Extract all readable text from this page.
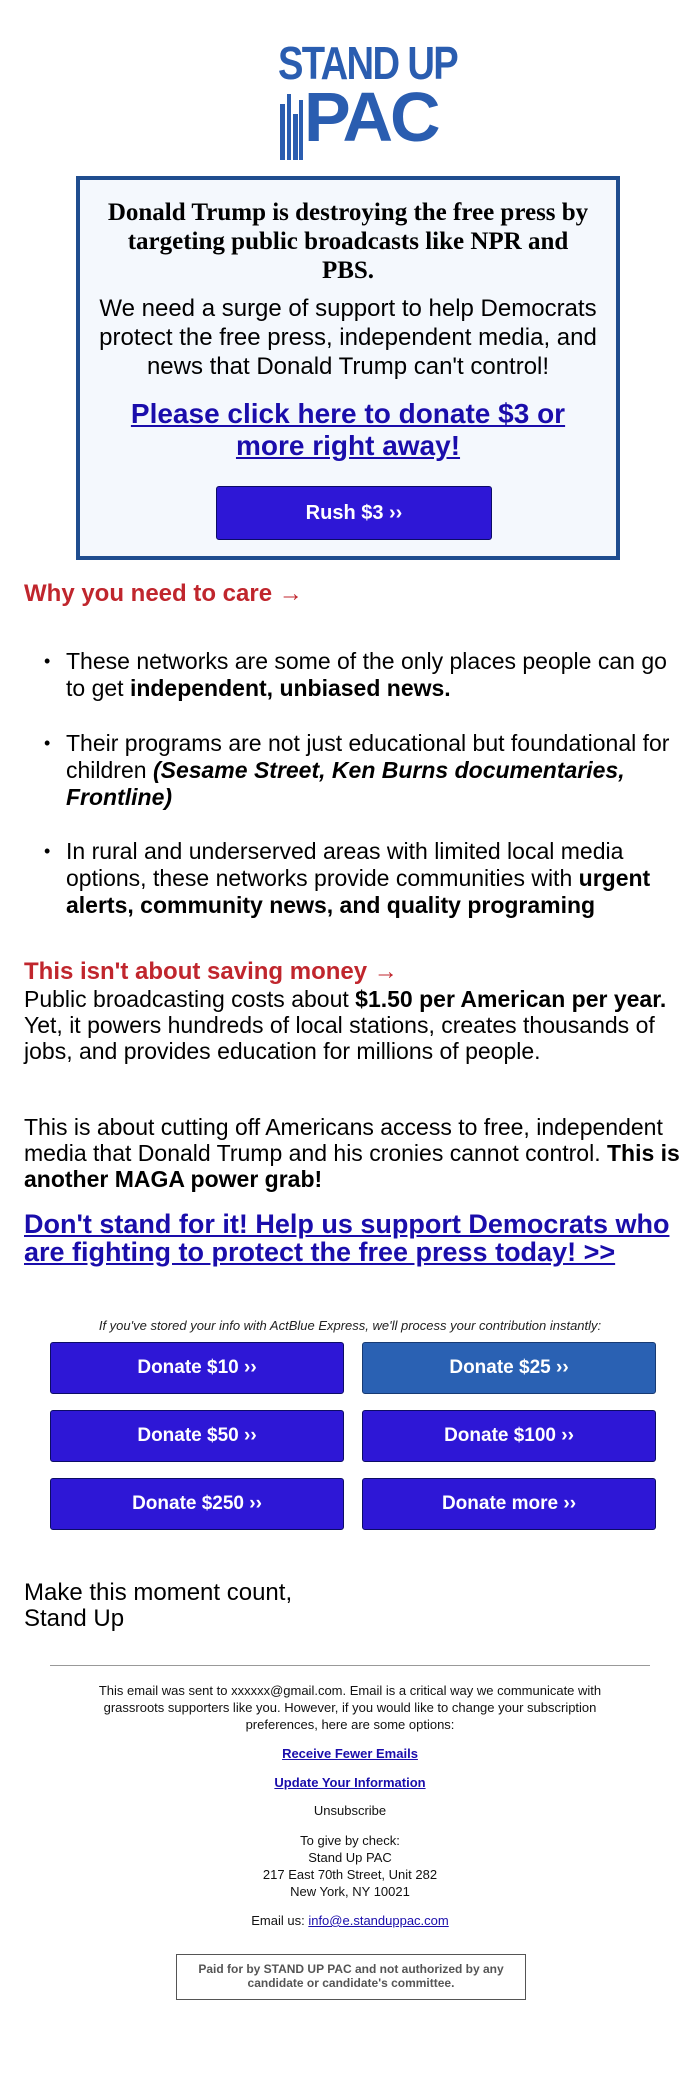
STAND UP
PAC
Donald Trump is destroying the free press by targeting public broadcasts like NPR and PBS.
We need a surge of support to help Democrats protect the free press, independent media, and news that Donald Trump can't control!
Please click here to donate $3 or more right away!
Rush $3 ››
Why you need to care →
• These networks are some of the only places people can go to get independent, unbiased news.
• Their programs are not just educational but foundational for children (Sesame Street, Ken Burns documentaries, Frontline)
• In rural and underserved areas with limited local media options, these networks provide communities with urgent alerts, community news, and quality programing
This isn't about saving money →
Public broadcasting costs about $1.50 per American per year. Yet, it powers hundreds of local stations, creates thousands of jobs, and provides education for millions of people.
This is about cutting off Americans access to free, independent media that Donald Trump and his cronies cannot control. This is another MAGA power grab!
Don't stand for it! Help us support Democrats who are fighting to protect the free press today! >>
If you've stored your info with ActBlue Express, we'll process your contribution instantly:
Donate $10 ››	Donate $25 ››
Donate $50 ››	Donate $100 ››
Donate $250 ››	Donate more ››
Make this moment count,
Stand Up
This email was sent to xxxxxx@gmail.com. Email is a critical way we communicate with grassroots supporters like you. However, if you would like to change your subscription preferences, here are some options:
Receive Fewer Emails
Update Your Information
Unsubscribe
To give by check:
Stand Up PAC
217 East 70th Street, Unit 282
New York, NY 10021
Email us: info@e.standuppac.com
Paid for by STAND UP PAC and not authorized by any candidate or candidate's committee.
